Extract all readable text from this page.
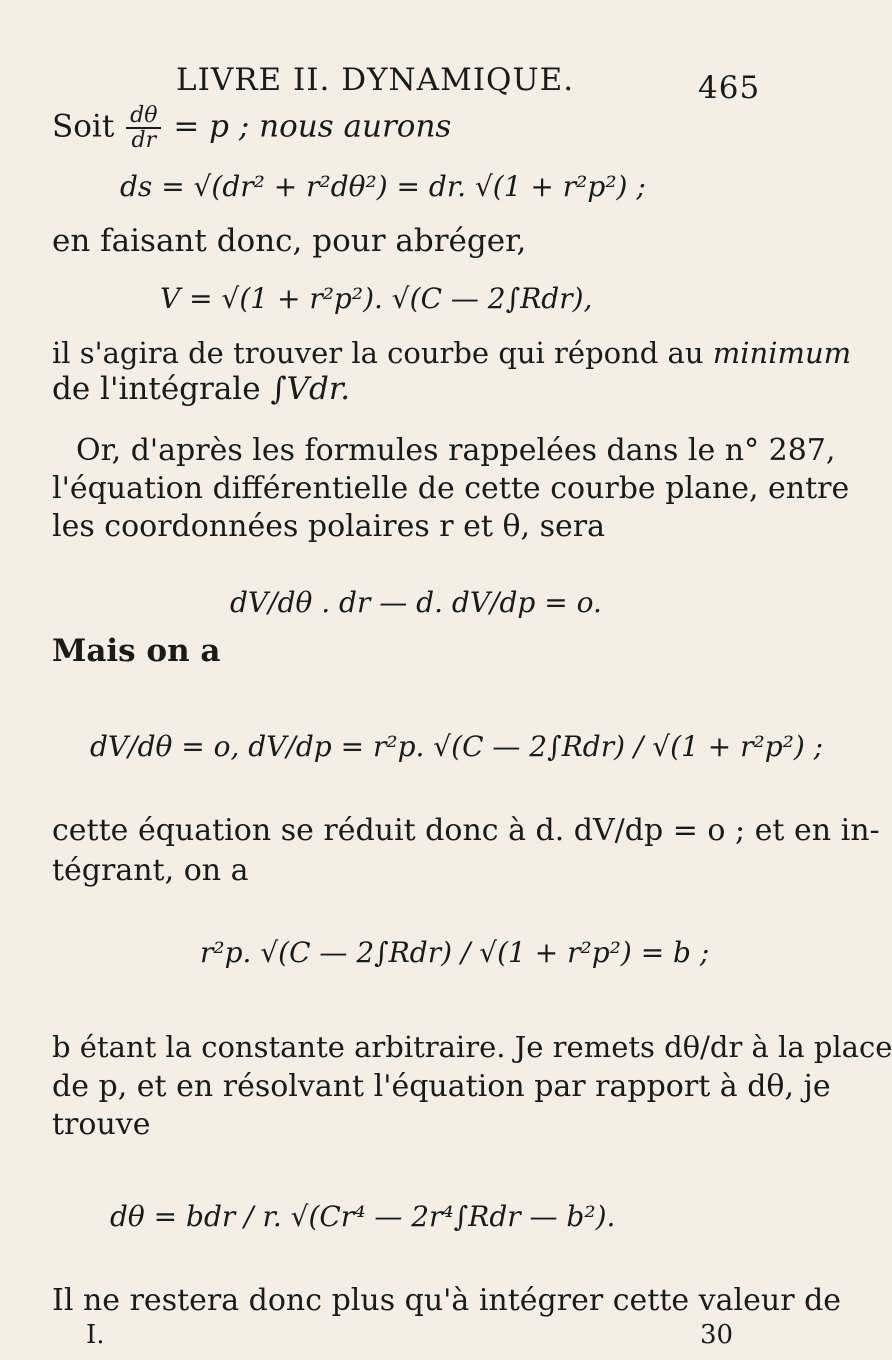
LIVRE II. DYNAMIQUE.	465
Soit $\frac{d\theta}{dr} = p$ ; nous aurons
ds = √(dr² + r²dθ²) = dr. √(1 + r²p²) ;
en faisant donc, pour abréger,
V = √(1 + r²p²). √(C — 2∫Rdr),
il s'agira de trouver la courbe qui répond au minimum
de l'intégrale ∫Vdr.
Or, d'après les formules rappelées dans le n° 287,
l'équation différentielle de cette courbe plane, entre
les coordonnées polaires r et θ, sera
dV/dθ . dr — d. dV/dp = o.
Mais on a
dV/dθ = o, dV/dp = r²p. √(C — 2∫Rdr) / √(1 + r²p²) ;
cette équation se réduit donc à d. dV/dp = o ; et en in-
tégrant, on a
r²p. √(C — 2∫Rdr) / √(1 + r²p²) = b ;
b étant la constante arbitraire. Je remets dθ/dr à la place
de p, et en résolvant l'équation par rapport à dθ, je
trouve
dθ = bdr / r. √(Cr⁴ — 2r⁴∫Rdr — b²).
Il ne restera donc plus qu'à intégrer cette valeur de
I.	30
